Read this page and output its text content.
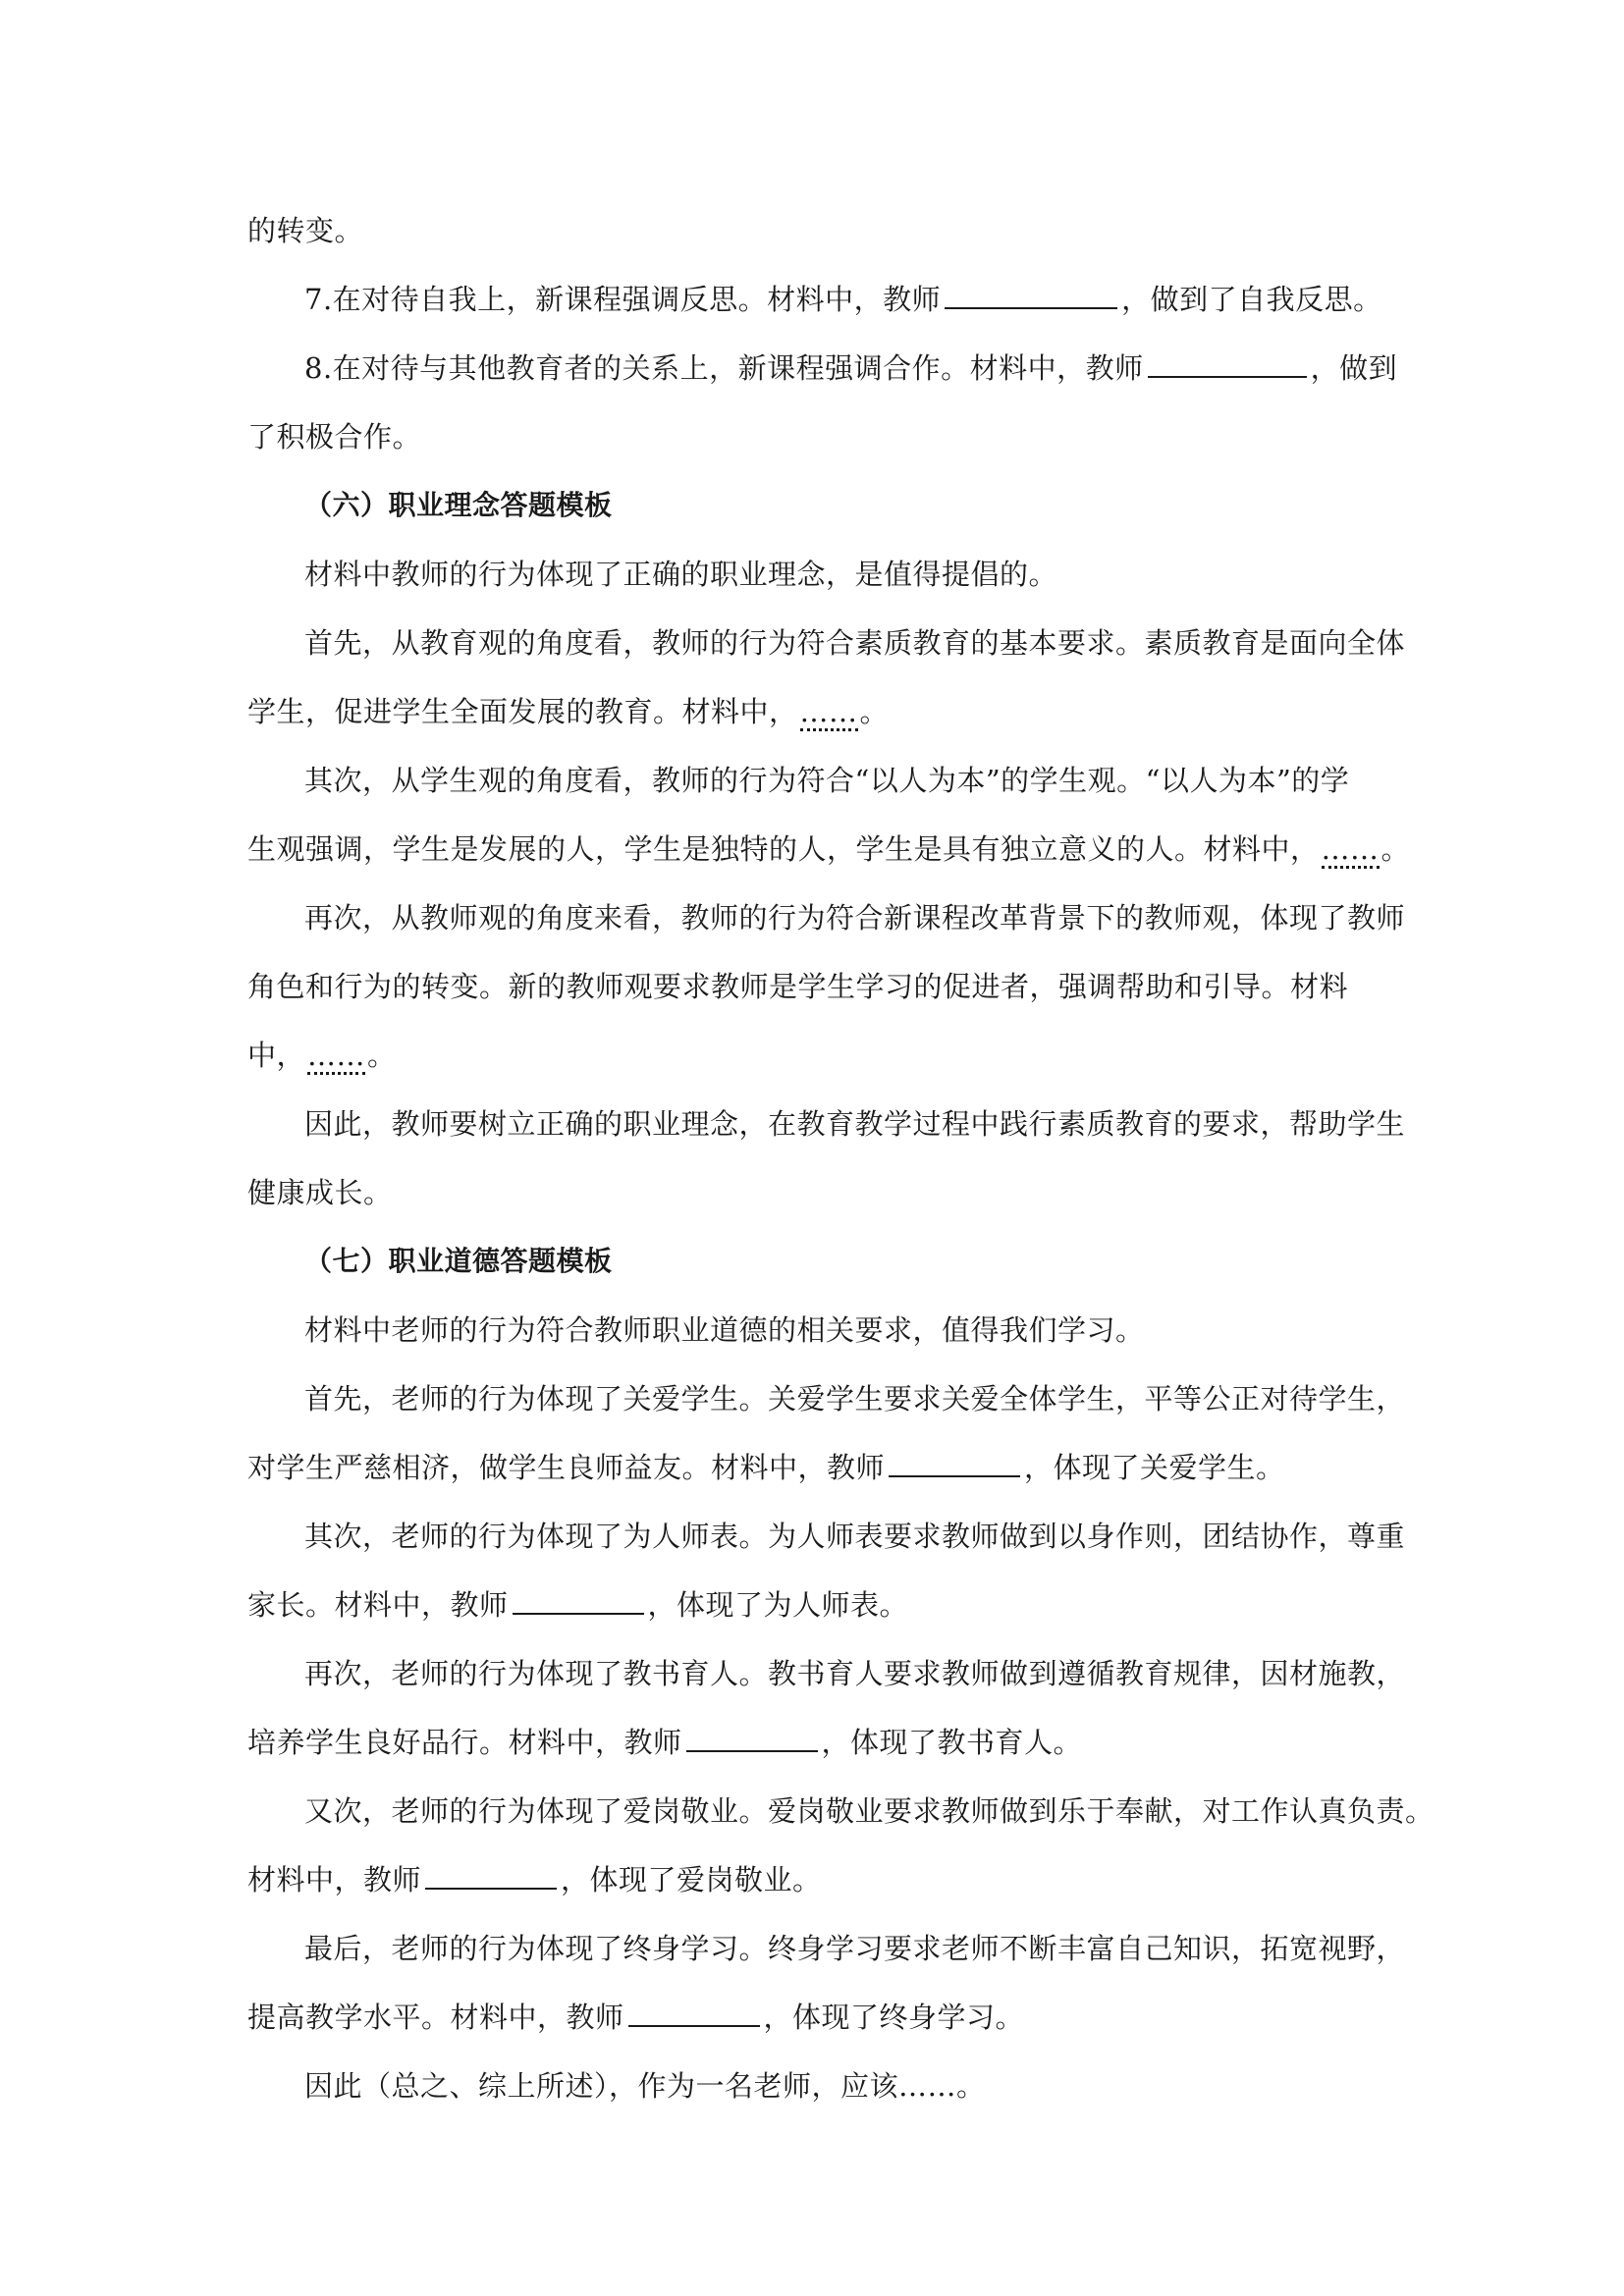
的转变。
7.在对待自我上，新课程强调反思。材料中，教师	，做到了自我反思。
8.在对待与其他教育者的关系上，新课程强调合作。材料中，教师	，做到
了积极合作。
（六）职业理念答题模板
材料中教师的行为体现了正确的职业理念，是值得提倡的。
首先，从教育观的角度看，教师的行为符合素质教育的基本要求。素质教育是面向全体
学生，促进学生全面发展的教育。材料中，……。
其次，从学生观的角度看，教师的行为符合“以人为本”的学生观。“以人为本”的学
生观强调，学生是发展的人，学生是独特的人，学生是具有独立意义的人。材料中，……。
再次，从教师观的角度来看，教师的行为符合新课程改革背景下的教师观，体现了教师
角色和行为的转变。新的教师观要求教师是学生学习的促进者，强调帮助和引导。材料
中，……。
因此，教师要树立正确的职业理念，在教育教学过程中践行素质教育的要求，帮助学生
健康成长。
（七）职业道德答题模板
材料中老师的行为符合教师职业道德的相关要求，值得我们学习。
首先，老师的行为体现了关爱学生。关爱学生要求关爱全体学生，平等公正对待学生，
对学生严慈相济，做学生良师益友。材料中，教师	，体现了关爱学生。
其次，老师的行为体现了为人师表。为人师表要求教师做到以身作则，团结协作，尊重
家长。材料中，教师	，体现了为人师表。
再次，老师的行为体现了教书育人。教书育人要求教师做到遵循教育规律，因材施教，
培养学生良好品行。材料中，教师	，体现了教书育人。
又次，老师的行为体现了爱岗敬业。爱岗敬业要求教师做到乐于奉献，对工作认真负责。
材料中，教师	，体现了爱岗敬业。
最后，老师的行为体现了终身学习。终身学习要求老师不断丰富自己知识，拓宽视野，
提高教学水平。材料中，教师	，体现了终身学习。
因此（总之、综上所述），作为一名老师，应该……。
